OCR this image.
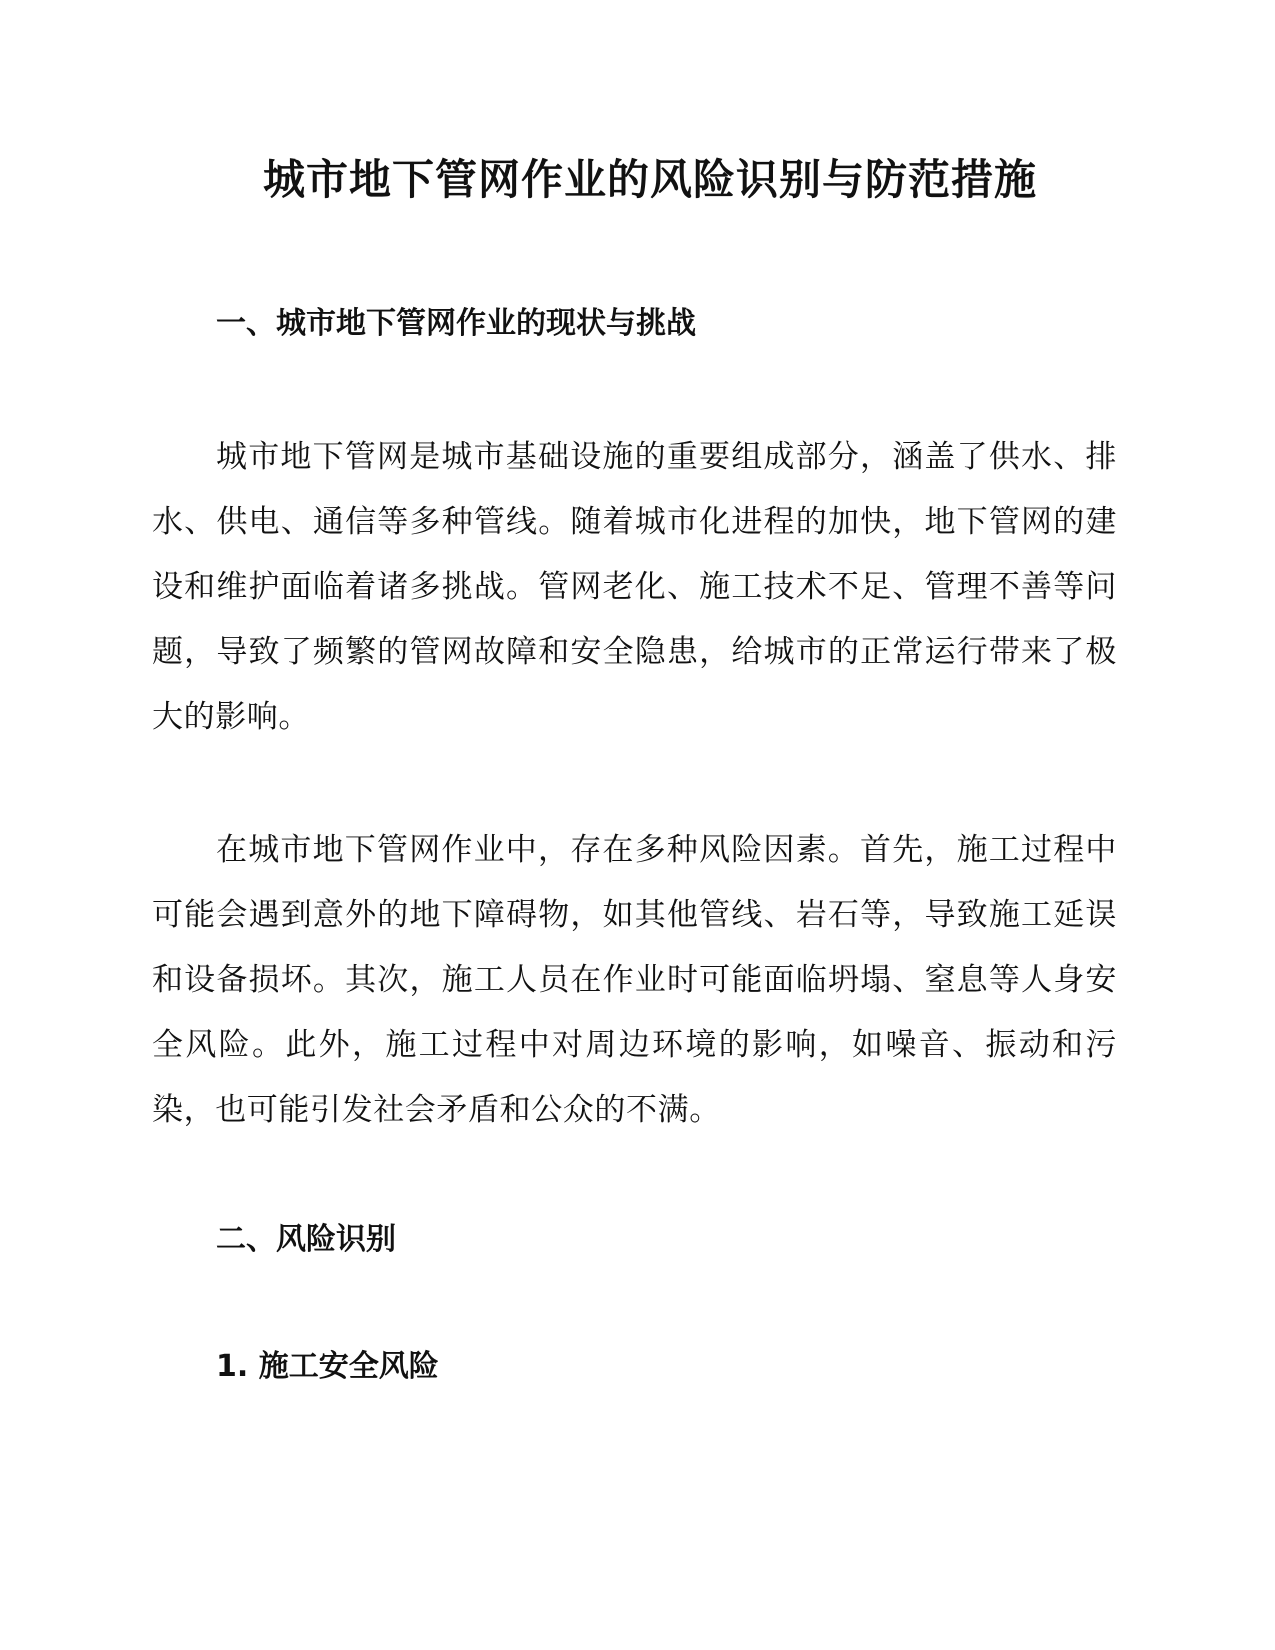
城市地下管网作业的风险识别与防范措施
一、城市地下管网作业的现状与挑战

城市地下管网是城市基础设施的重要组成部分，涵盖了供水、排水、供电、通信等多种管线。随着城市化进程的加快，地下管网的建设和维护面临着诸多挑战。管网老化、施工技术不足、管理不善等问题，导致了频繁的管网故障和安全隐患，给城市的正常运行带来了极大的影响。

在城市地下管网作业中，存在多种风险因素。首先，施工过程中可能会遇到意外的地下障碍物，如其他管线、岩石等，导致施工延误和设备损坏。其次，施工人员在作业时可能面临坍塌、窒息等人身安全风险。此外，施工过程中对周边环境的影响，如噪音、振动和污染，也可能引发社会矛盾和公众的不满。

二、风险识别
1. 施工安全风险
